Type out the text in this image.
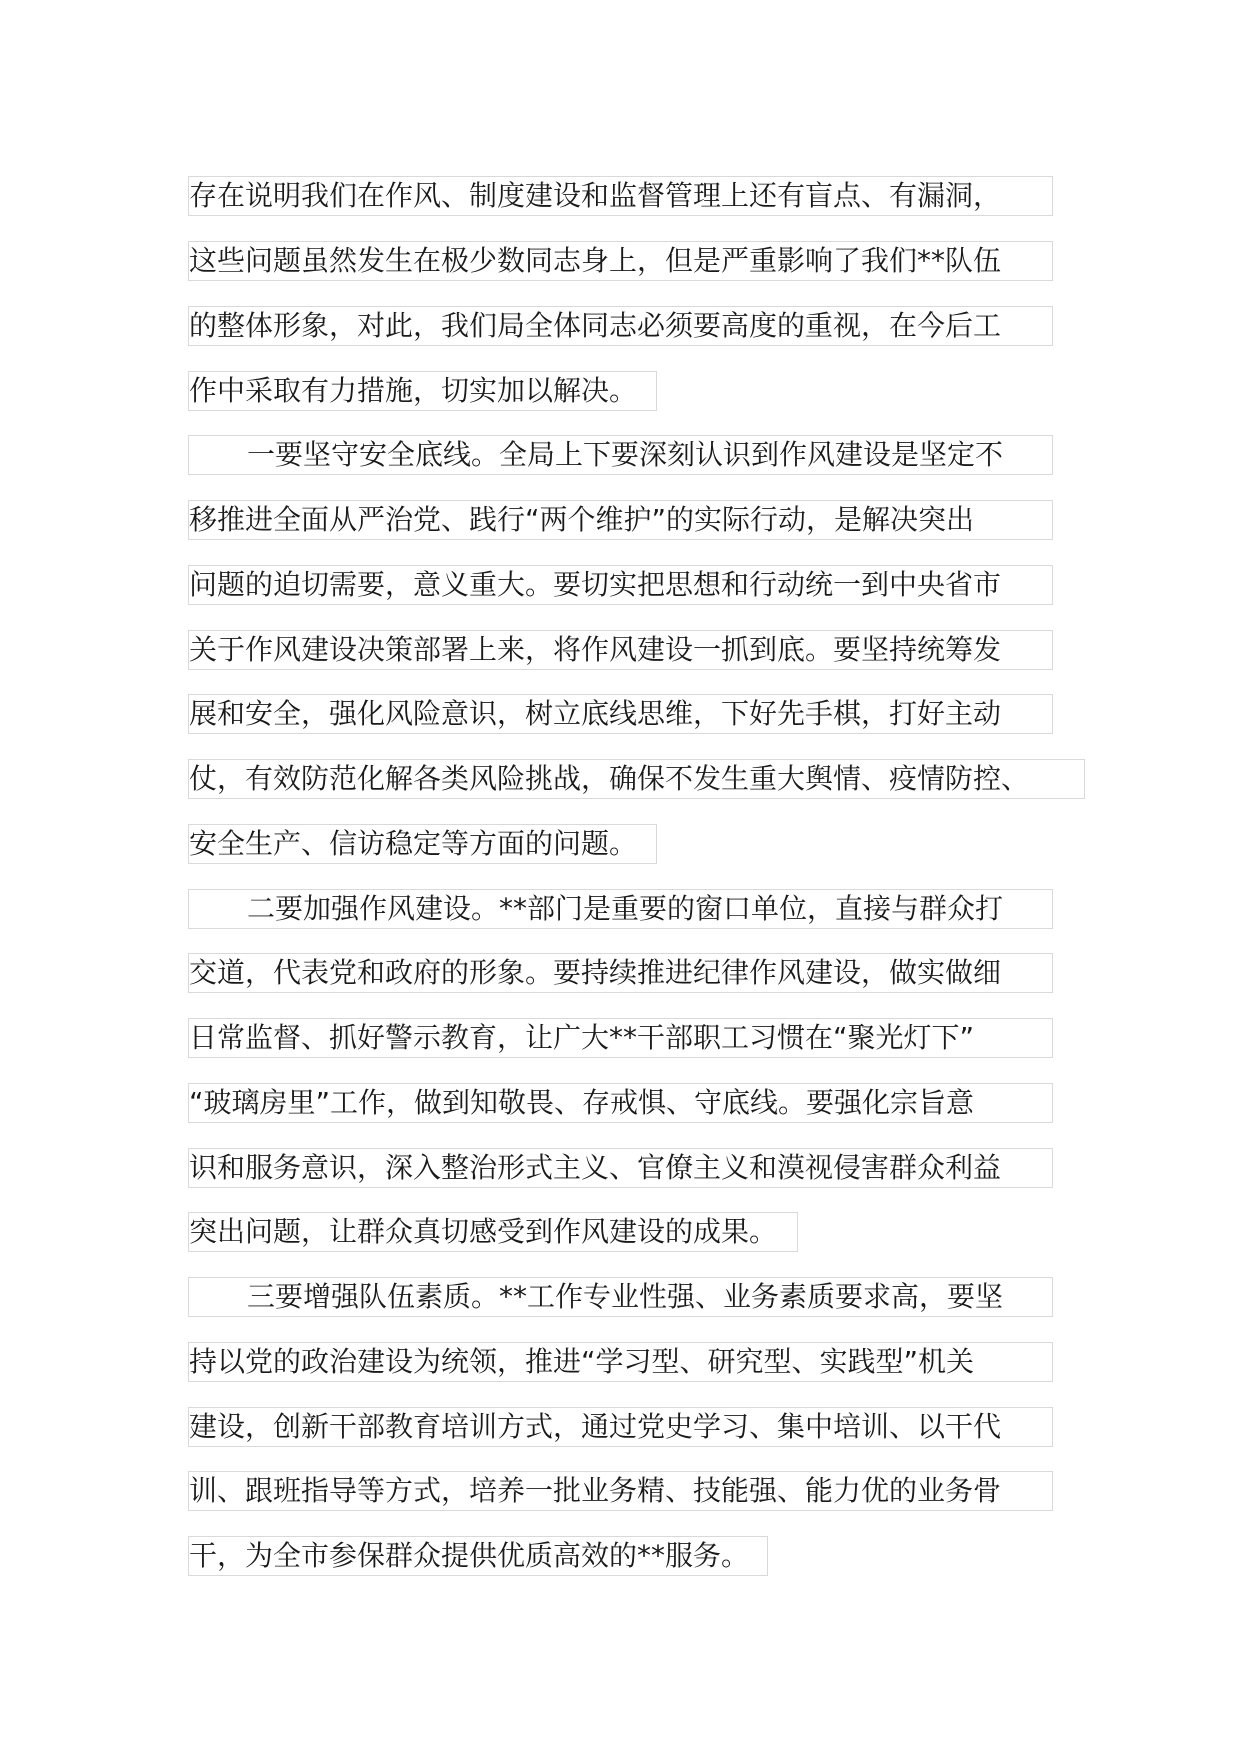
存在说明我们在作风、制度建设和监督管理上还有盲点、有漏洞，
这些问题虽然发生在极少数同志身上，但是严重影响了我们**队伍
的整体形象，对此，我们局全体同志必须要高度的重视，在今后工
作中采取有力措施，切实加以解决。
一要坚守安全底线。全局上下要深刻认识到作风建设是坚定不
移推进全面从严治党、践行“两个维护”的实际行动，是解决突出
问题的迫切需要，意义重大。要切实把思想和行动统一到中央省市
关于作风建设决策部署上来，将作风建设一抓到底。要坚持统筹发
展和安全，强化风险意识，树立底线思维，下好先手棋，打好主动
仗，有效防范化解各类风险挑战，确保不发生重大舆情、疫情防控、
安全生产、信访稳定等方面的问题。
二要加强作风建设。**部门是重要的窗口单位，直接与群众打
交道，代表党和政府的形象。要持续推进纪律作风建设，做实做细
日常监督、抓好警示教育，让广大**干部职工习惯在“聚光灯下”
“玻璃房里”工作，做到知敬畏、存戒惧、守底线。要强化宗旨意
识和服务意识，深入整治形式主义、官僚主义和漠视侵害群众利益
突出问题，让群众真切感受到作风建设的成果。
三要增强队伍素质。**工作专业性强、业务素质要求高，要坚
持以党的政治建设为统领，推进“学习型、研究型、实践型”机关
建设，创新干部教育培训方式，通过党史学习、集中培训、以干代
训、跟班指导等方式，培养一批业务精、技能强、能力优的业务骨
干，为全市参保群众提供优质高效的**服务。
